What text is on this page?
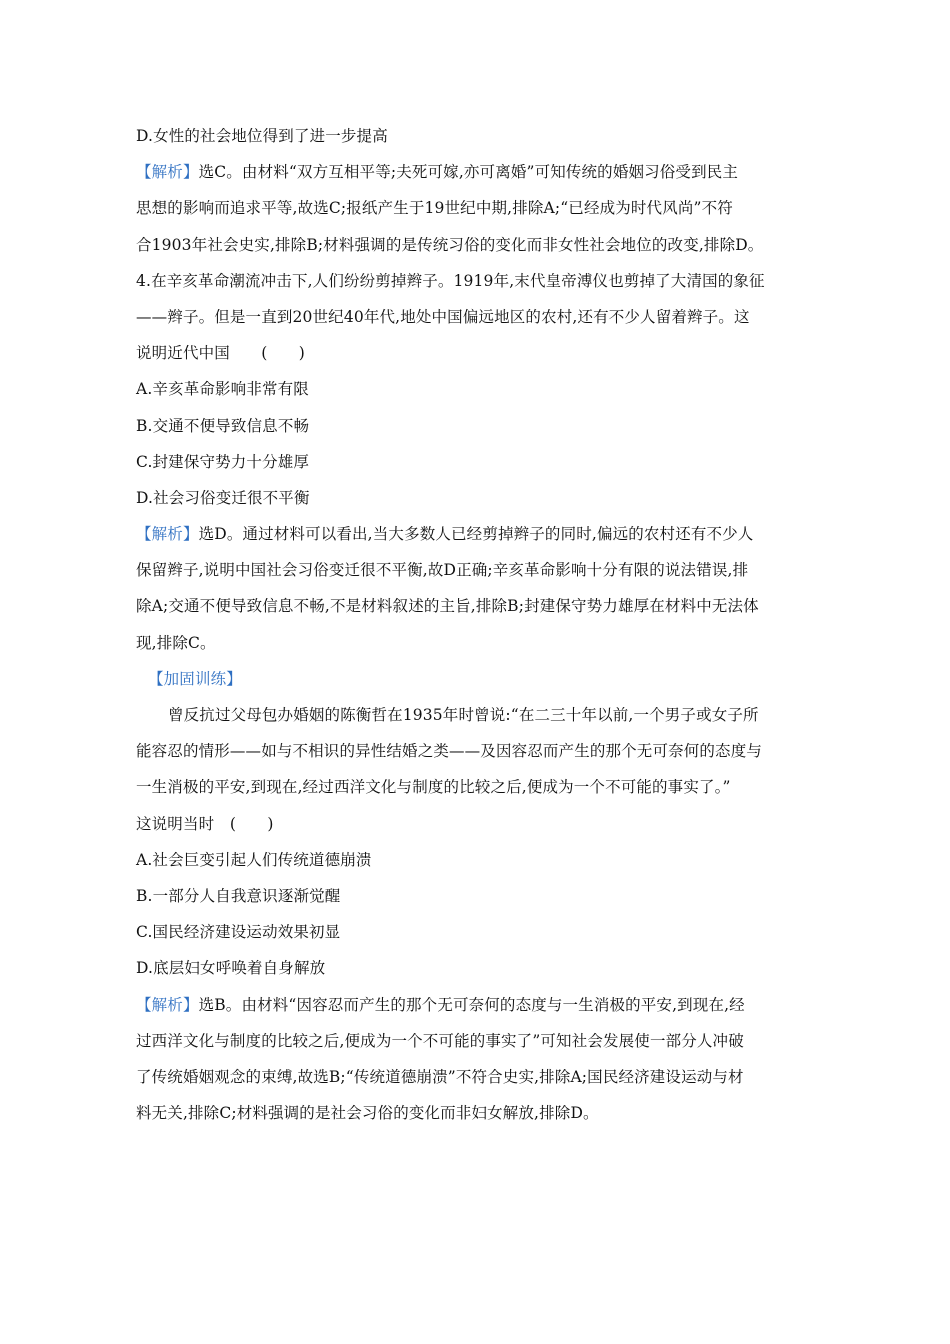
D.女性的社会地位得到了进一步提高
【解析】选C。由材料“双方互相平等;夫死可嫁,亦可离婚”可知传统的婚姻习俗受到民主
思想的影响而追求平等,故选C;报纸产生于19世纪中期,排除A;“已经成为时代风尚”不符
合1903年社会史实,排除B;材料强调的是传统习俗的变化而非女性社会地位的改变,排除D。
4.在辛亥革命潮流冲击下,人们纷纷剪掉辫子。1919年,末代皇帝溥仪也剪掉了大清国的象征
——辫子。但是一直到20世纪40年代,地处中国偏远地区的农村,还有不少人留着辫子。这
说明近代中国　　(　　)
A.辛亥革命影响非常有限
B.交通不便导致信息不畅
C.封建保守势力十分雄厚
D.社会习俗变迁很不平衡
【解析】选D。通过材料可以看出,当大多数人已经剪掉辫子的同时,偏远的农村还有不少人
保留辫子,说明中国社会习俗变迁很不平衡,故D正确;辛亥革命影响十分有限的说法错误,排
除A;交通不便导致信息不畅,不是材料叙述的主旨,排除B;封建保守势力雄厚在材料中无法体
现,排除C。
【加固训练】
曾反抗过父母包办婚姻的陈衡哲在1935年时曾说:“在二三十年以前,一个男子或女子所
能容忍的情形——如与不相识的异性结婚之类——及因容忍而产生的那个无可奈何的态度与
一生消极的平安,到现在,经过西洋文化与制度的比较之后,便成为一个不可能的事实了。”
这说明当时　(　　)
A.社会巨变引起人们传统道德崩溃
B.一部分人自我意识逐渐觉醒
C.国民经济建设运动效果初显
D.底层妇女呼唤着自身解放
【解析】选B。由材料“因容忍而产生的那个无可奈何的态度与一生消极的平安,到现在,经
过西洋文化与制度的比较之后,便成为一个不可能的事实了”可知社会发展使一部分人冲破
了传统婚姻观念的束缚,故选B;“传统道德崩溃”不符合史实,排除A;国民经济建设运动与材
料无关,排除C;材料强调的是社会习俗的变化而非妇女解放,排除D。
